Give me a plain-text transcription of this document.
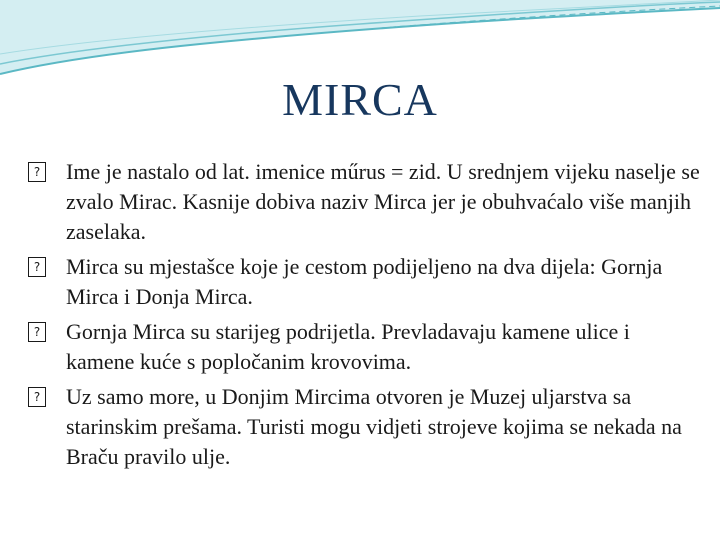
MIRCA
? Ime je nastalo od lat. imenice műrus = zid. U srednjem vijeku naselje se zvalo Mirac. Kasnije dobiva naziv Mirca jer je obuhvaćalo više manjih zaselaka.
? Mirca su mjestašce koje je cestom podijeljeno na dva dijela: Gornja Mirca i Donja Mirca.
? Gornja Mirca su starijeg podrijetla. Prevladavaju kamene ulice i kamene kuće s popločanim krovovima.
? Uz samo more, u Donjim Mircima otvoren je Muzej uljarstva sa starinskim prešama. Turisti mogu vidjeti strojeve kojima se nekada na Braču pravilo ulje.
